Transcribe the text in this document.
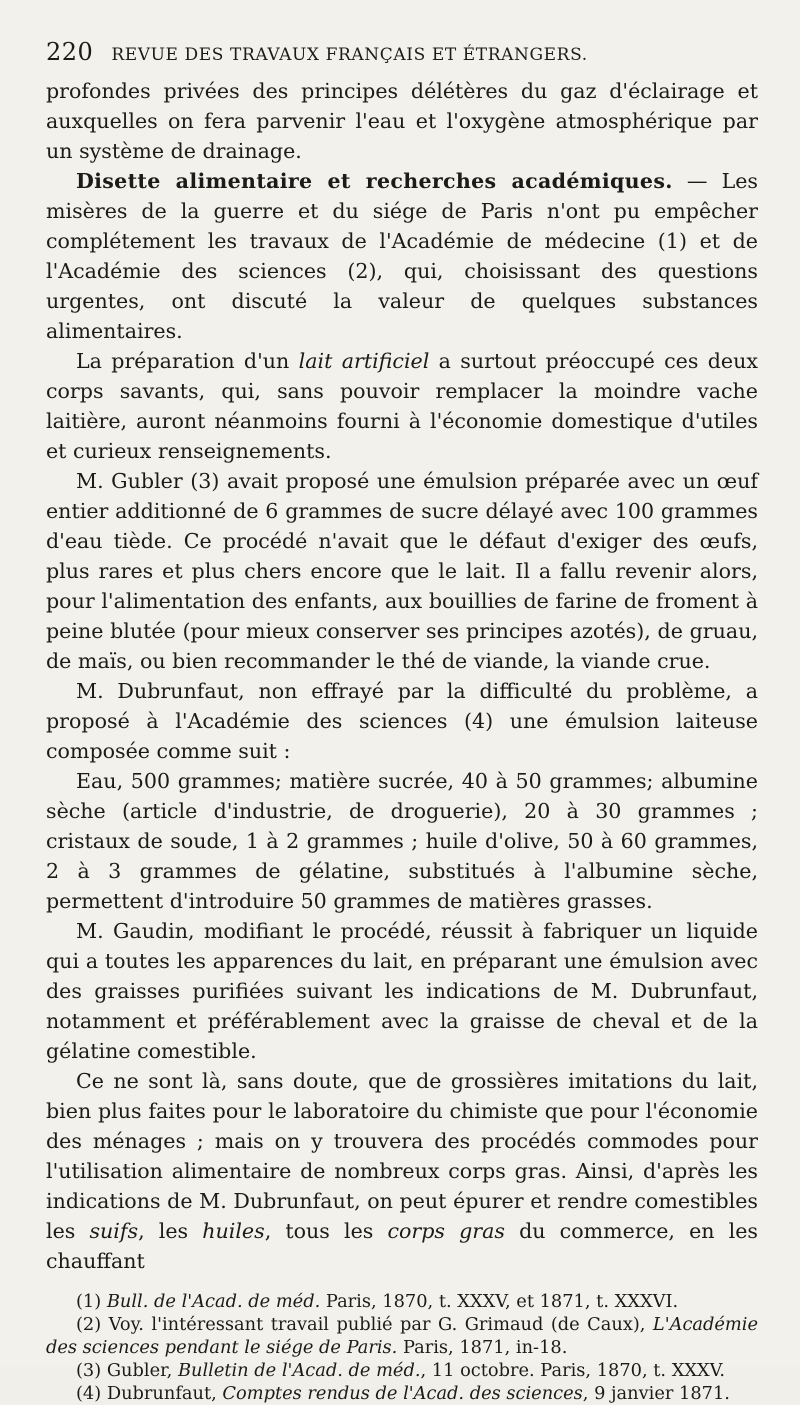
220 REVUE DES TRAVAUX FRANÇAIS ET ÉTRANGERS.

profondes privées des principes délétères du gaz d'éclairage et auxquelles on fera parvenir l'eau et l'oxygène atmosphérique par un système de drainage.

Disette alimentaire et recherches académiques. — Les misères de la guerre et du siége de Paris n'ont pu empêcher complétement les travaux de l'Académie de médecine (1) et de l'Académie des sciences (2), qui, choisissant des questions urgentes, ont discuté la valeur de quelques substances alimentaires.

La préparation d'un lait artificiel a surtout préoccupé ces deux corps savants, qui, sans pouvoir remplacer la moindre vache laitière, auront néanmoins fourni à l'économie domestique d'utiles et curieux renseignements.

M. Gubler (3) avait proposé une émulsion préparée avec un œuf entier additionné de 6 grammes de sucre délayé avec 100 grammes d'eau tiède. Ce procédé n'avait que le défaut d'exiger des œufs, plus rares et plus chers encore que le lait. Il a fallu revenir alors, pour l'alimentation des enfants, aux bouillies de farine de froment à peine blutée (pour mieux conserver ses principes azotés), de gruau, de maïs, ou bien recommander le thé de viande, la viande crue.

M. Dubrunfaut, non effrayé par la difficulté du problème, a proposé à l'Académie des sciences (4) une émulsion laiteuse composée comme suit :

Eau, 500 grammes; matière sucrée, 40 à 50 grammes; albumine sèche (article d'industrie, de droguerie), 20 à 30 grammes ; cristaux de soude, 1 à 2 grammes ; huile d'olive, 50 à 60 grammes, 2 à 3 grammes de gélatine, substitués à l'albumine sèche, permettent d'introduire 50 grammes de matières grasses.

M. Gaudin, modifiant le procédé, réussit à fabriquer un liquide qui a toutes les apparences du lait, en préparant une émulsion avec des graisses purifiées suivant les indications de M. Dubrunfaut, notamment et préférablement avec la graisse de cheval et de la gélatine comestible.

Ce ne sont là, sans doute, que de grossières imitations du lait, bien plus faites pour le laboratoire du chimiste que pour l'économie des ménages ; mais on y trouvera des procédés commodes pour l'utilisation alimentaire de nombreux corps gras. Ainsi, d'après les indications de M. Dubrunfaut, on peut épurer et rendre comestibles les suifs, les huiles, tous les corps gras du commerce, en les chauffant

(1) Bull. de l'Acad. de méd. Paris, 1870, t. XXXV, et 1871, t. XXXVI.

(2) Voy. l'intéressant travail publié par G. Grimaud (de Caux), L'Académie des sciences pendant le siége de Paris. Paris, 1871, in-18.

(3) Gubler, Bulletin de l'Acad. de méd., 11 octobre. Paris, 1870, t. XXXV.

(4) Dubrunfaut, Comptes rendus de l'Acad. des sciences, 9 janvier 1871.
